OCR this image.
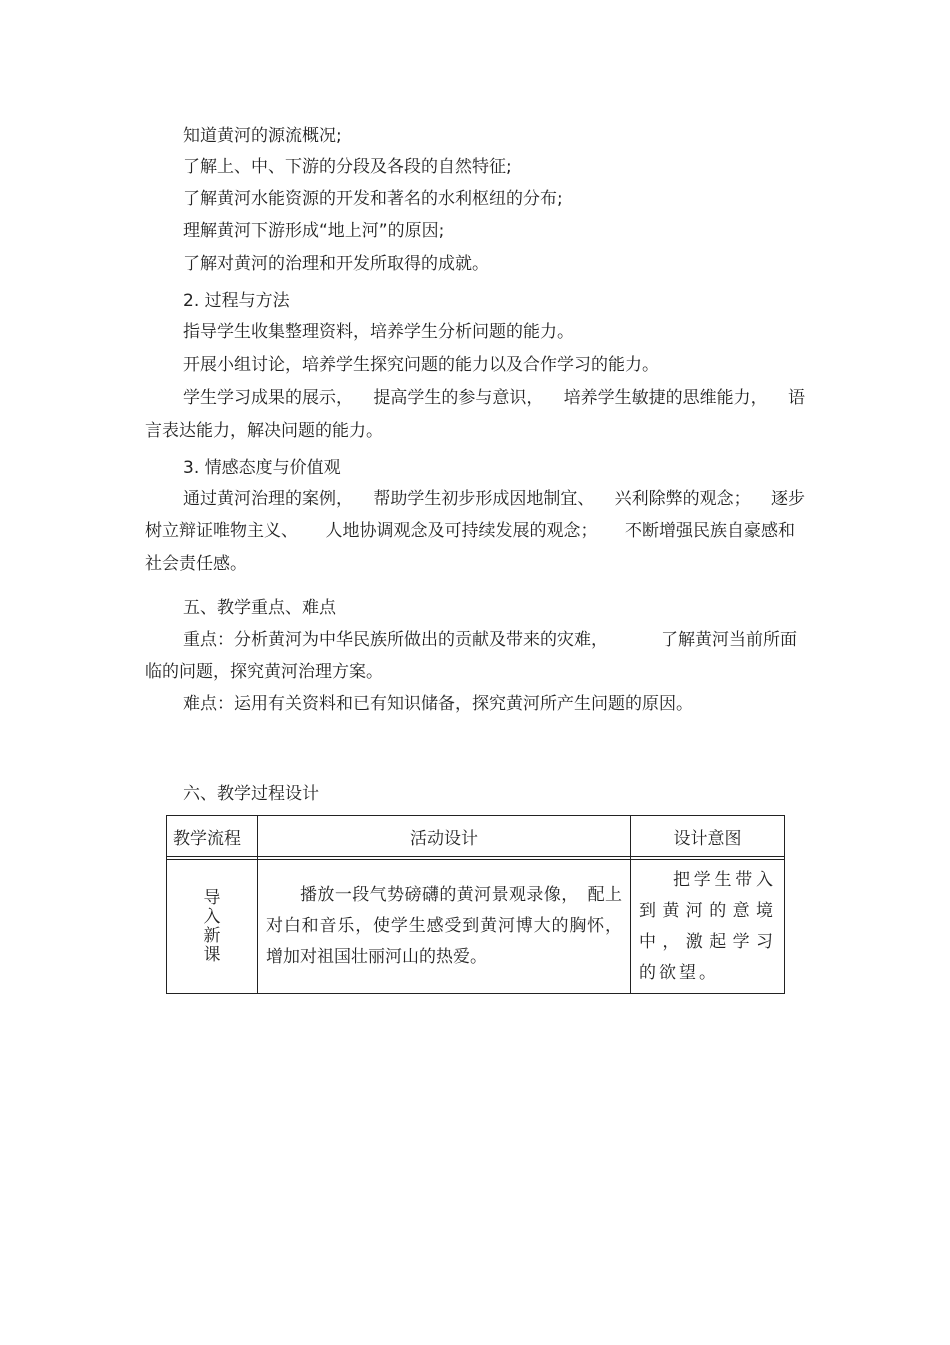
知道黄河的源流概况;
了解上、中、下游的分段及各段的自然特征;
了解黄河水能资源的开发和著名的水利枢纽的分布;
理解黄河下游形成“地上河”的原因;
了解对黄河的治理和开发所取得的成就。
2. 过程与方法
指导学生收集整理资料，培养学生分析问题的能力。
开展小组讨论，培养学生探究问题的能力以及合作学习的能力。
学生学习成果的展示， 提高学生的参与意识， 培养学生敏捷的思维能力， 语
言表达能力，解决问题的能力。
3. 情感态度与价值观
通过黄河治理的案例， 帮助学生初步形成因地制宜、 兴利除弊的观念； 逐步
树立辩证唯物主义、 人地协调观念及可持续发展的观念； 不断增强民族自豪感和
社会责任感。
五、教学重点、难点
重点：分析黄河为中华民族所做出的贡献及带来的灾难，	了解黄河当前所面
临的问题，探究黄河治理方案。
难点：运用有关资料和已有知识储备，探究黄河所产生问题的原因。
六、教学过程设计
教学流程	活动设计	设计意图

导
入
新
课	播放一段气势磅礴的黄河景观录像，　配上对白和音乐，使学生感受到黄河博大的胸怀，增加对祖国壮丽河山的热爱。	把学生带入到黄河的意境中，激起学习的欲望。
